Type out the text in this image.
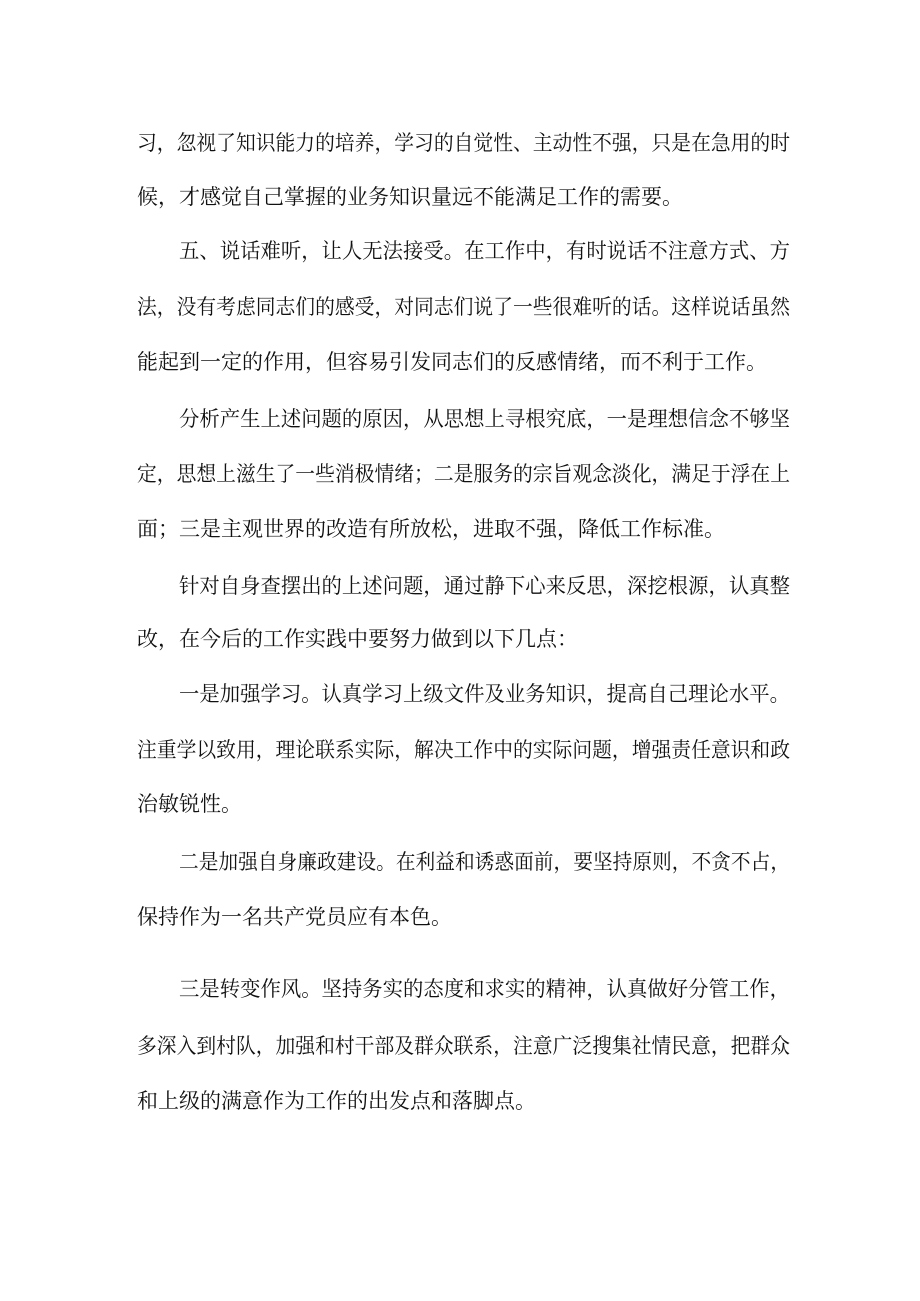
习，忽视了知识能力的培养，学习的自觉性、主动性不强，只是在急用的时
候，才感觉自己掌握的业务知识量远不能满足工作的需要。
五、说话难听，让人无法接受。在工作中，有时说话不注意方式、方
法，没有考虑同志们的感受，对同志们说了一些很难听的话。这样说话虽然
能起到一定的作用，但容易引发同志们的反感情绪，而不利于工作。
分析产生上述问题的原因，从思想上寻根究底，一是理想信念不够坚
定，思想上滋生了一些消极情绪；二是服务的宗旨观念淡化，满足于浮在上
面；三是主观世界的改造有所放松，进取不强，降低工作标准。
针对自身查摆出的上述问题，通过静下心来反思，深挖根源，认真整
改，在今后的工作实践中要努力做到以下几点：
一是加强学习。认真学习上级文件及业务知识，提高自己理论水平。
注重学以致用，理论联系实际，解决工作中的实际问题，增强责任意识和政
治敏锐性。
二是加强自身廉政建设。在利益和诱惑面前，要坚持原则，不贪不占，
保持作为一名共产党员应有本色。
三是转变作风。坚持务实的态度和求实的精神，认真做好分管工作，
多深入到村队，加强和村干部及群众联系，注意广泛搜集社情民意，把群众
和上级的满意作为工作的出发点和落脚点。
